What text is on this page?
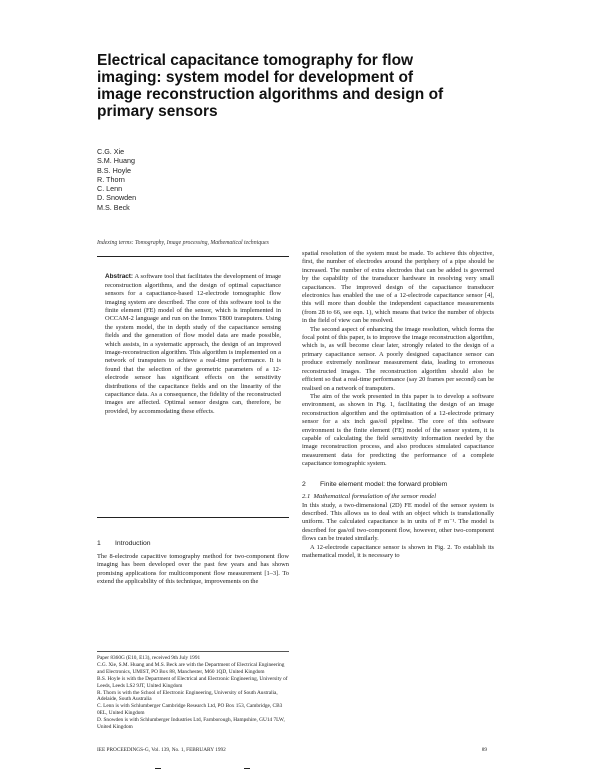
Electrical capacitance tomography for flow imaging: system model for development of image reconstruction algorithms and design of primary sensors
C.G. Xie
S.M. Huang
B.S. Hoyle
R. Thorn
C. Lenn
D. Snowden
M.S. Beck
Indexing terms: Tomography, Image processing, Mathematical techniques

Abstract: A software tool that facilitates the development of image reconstruction algorithms, and the design of optimal capacitance sensors for a capacitance-based 12-electrode tomographic flow imaging system are described. The core of this software tool is the finite element (FE) model of the sensor, which is implemented in OCCAM-2 language and run on the Inmos T800 transputers. Using the system model, the in depth study of the capacitance sensing fields and the generation of flow model data are made possible, which assists, in a systematic approach, the design of an improved image-reconstruction algorithm. This algorithm is implemented on a network of transputers to achieve a real-time performance. It is found that the selection of the geometric parameters of a 12-electrode sensor has significant effects on the sensitivity distributions of the capacitance fields and on the linearity of the capacitance data. As a consequence, the fidelity of the reconstructed images are affected. Optimal sensor designs can, therefore, be provided, by accommodating these effects.

1 Introduction

The 8-electrode capacitive tomography method for two-component flow imaging has been developed over the past few years and has shown promising applications for multicomponent flow measurement [1–3]. To extend the applicability of this technique, improvements on the

Paper 8360G (E10, E13), received 9th July 1991

C.G. Xie, S.M. Huang and M.S. Beck are with the Department of Electrical Engineering and Electronics, UMIST, PO Box 88, Manchester, M60 1QD, United Kingdom

B.S. Hoyle is with the Department of Electrical and Electronic Engineering, University of Leeds, Leeds LS2 9JT, United Kingdom

R. Thorn is with the School of Electronic Engineering, University of South Australia, Adelaide, South Australia

C. Lenn is with Schlumberger Cambridge Research Ltd, PO Box 153, Cambridge, CB3 0EL, United Kingdom

D. Snowden is with Schlumberger Industries Ltd, Farnborough, Hampshire, GU14 7LW, United Kingdom

spatial resolution of the system must be made. To achieve this objective, first, the number of electrodes around the periphery of a pipe should be increased. The number of extra electrodes that can be added is governed by the capability of the transducer hardware in resolving very small capacitances. The improved design of the capacitance transducer electronics has enabled the use of a 12-electrode capacitance sensor [4], this will more than double the independent capacitance measurements (from 28 to 66, see eqn. 1), which means that twice the number of objects in the field of view can be resolved.

The second aspect of enhancing the image resolution, which forms the focal point of this paper, is to improve the image reconstruction algorithm, which is, as will become clear later, strongly related to the design of a primary capacitance sensor. A poorly designed capacitance sensor can produce extremely nonlinear measurement data, leading to erroneous reconstructed images. The reconstruction algorithm should also be efficient so that a real-time performance (say 20 frames per second) can be realised on a network of transputers.

The aim of the work presented in this paper is to develop a software environment, as shown in Fig. 1, facilitating the design of an image reconstruction algorithm and the optimisation of a 12-electrode primary sensor for a six inch gas/oil pipeline. The core of this software environment is the finite element (FE) model of the sensor system, it is capable of calculating the field sensitivity information needed by the image reconstruction process, and also produces simulated capacitance measurement data for predicting the performance of a complete capacitance tomographic system.

2 Finite element model: the forward problem
2.1 Mathematical formulation of the sensor model

In this study, a two-dimensional (2D) FE model of the sensor system is described. This allows us to deal with an object which is translationally uniform. The calculated capacitance is in units of F m⁻¹. The model is described for gas/oil two-component flow, however, other two-component flows can be treated similarly.

A 12-electrode capacitance sensor is shown in Fig. 2. To establish its mathematical model, it is necessary to

IEE PROCEEDINGS-G, Vol. 139, No. 1, FEBRUARY 1992	89
